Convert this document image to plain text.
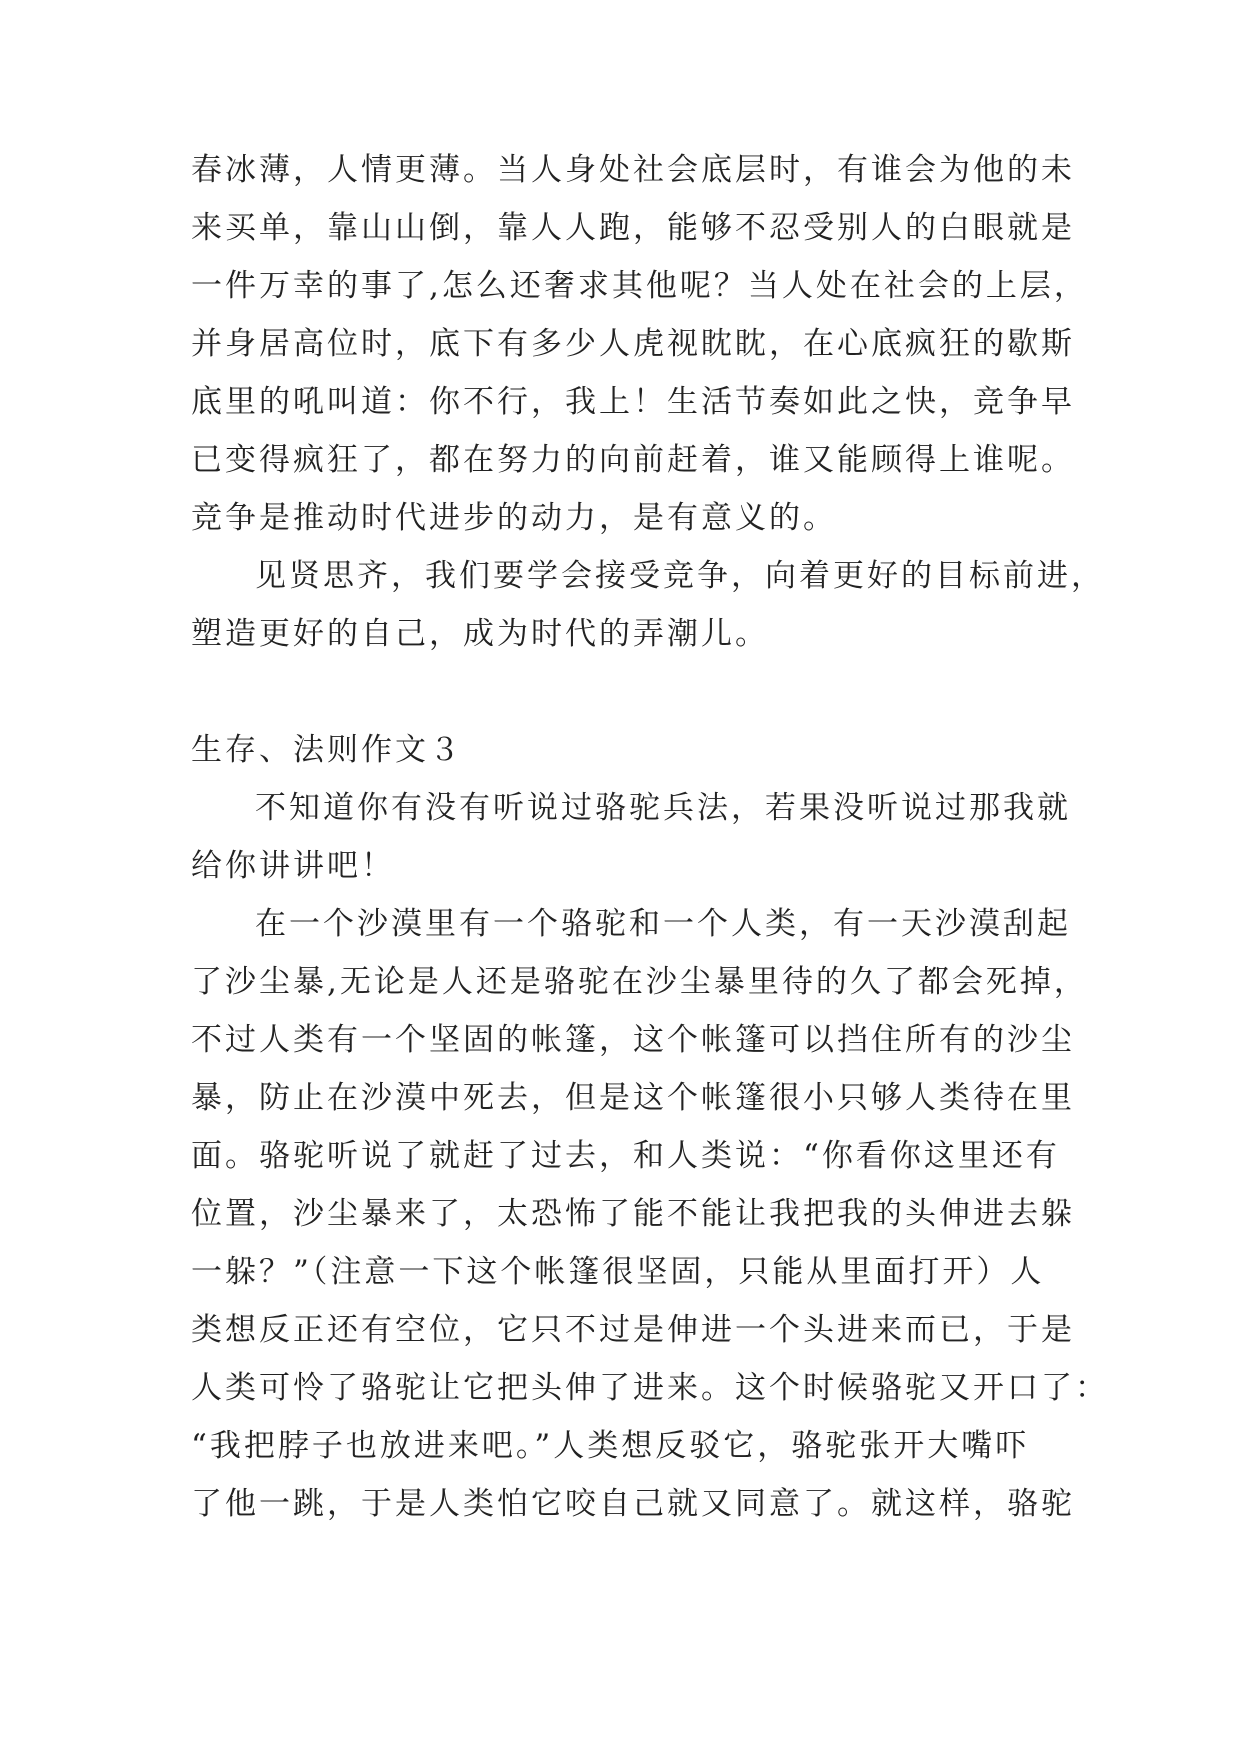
春冰薄，人情更薄。当人身处社会底层时，有谁会为他的未
来买单，靠山山倒，靠人人跑，能够不忍受别人的白眼就是
一件万幸的事了,怎么还奢求其他呢？当人处在社会的上层，
并身居高位时，底下有多少人虎视眈眈，在心底疯狂的歇斯
底里的吼叫道：你不行，我上！生活节奏如此之快，竞争早
已变得疯狂了，都在努力的向前赶着，谁又能顾得上谁呢。
竞争是推动时代进步的动力，是有意义的。
见贤思齐，我们要学会接受竞争，向着更好的目标前进，
塑造更好的自己，成为时代的弄潮儿。
生存、法则作文３
不知道你有没有听说过骆驼兵法，若果没听说过那我就
给你讲讲吧！
在一个沙漠里有一个骆驼和一个人类，有一天沙漠刮起
了沙尘暴,无论是人还是骆驼在沙尘暴里待的久了都会死掉，
不过人类有一个坚固的帐篷，这个帐篷可以挡住所有的沙尘
暴，防止在沙漠中死去，但是这个帐篷很小只够人类待在里
面。骆驼听说了就赶了过去，和人类说：“你看你这里还有
位置，沙尘暴来了，太恐怖了能不能让我把我的头伸进去躲
一躲？”（注意一下这个帐篷很坚固，只能从里面打开）人
类想反正还有空位，它只不过是伸进一个头进来而已，于是
人类可怜了骆驼让它把头伸了进来。这个时候骆驼又开口了：
“我把脖子也放进来吧。”人类想反驳它，骆驼张开大嘴吓
了他一跳，于是人类怕它咬自己就又同意了。就这样，骆驼
